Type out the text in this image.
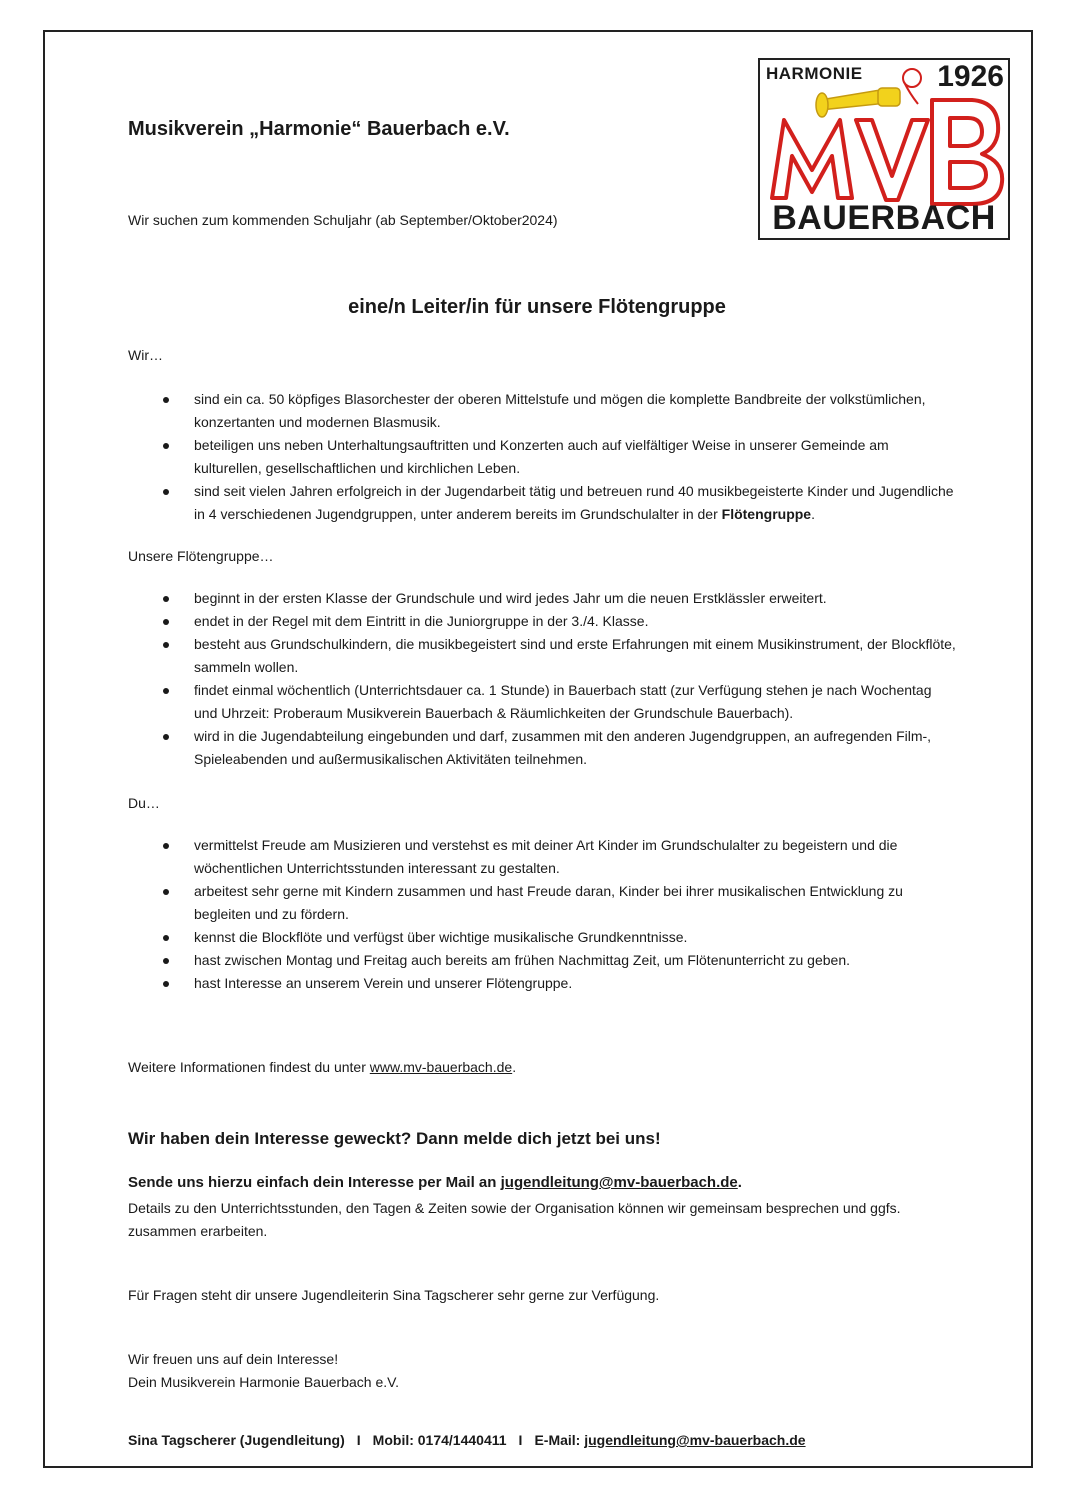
HARMONIE 1926
BAUERBACH
Musikverein „Harmonie“ Bauerbach e.V.
Wir suchen zum kommenden Schuljahr (ab September/Oktober2024)
eine/n Leiter/in für unsere Flötengruppe
Wir…
sind ein ca. 50 köpfiges Blasorchester der oberen Mittelstufe und mögen die komplette Bandbreite der volkstümlichen, konzertanten und modernen Blasmusik.
beteiligen uns neben Unterhaltungsauftritten und Konzerten auch auf vielfältiger Weise in unserer Gemeinde am kulturellen, gesellschaftlichen und kirchlichen Leben.
sind seit vielen Jahren erfolgreich in der Jugendarbeit tätig und betreuen rund 40 musikbegeisterte Kinder und Jugendliche in 4 verschiedenen Jugendgruppen, unter anderem bereits im Grundschulalter in der Flötengruppe.
Unsere Flötengruppe…
beginnt in der ersten Klasse der Grundschule und wird jedes Jahr um die neuen Erstklässler erweitert.
endet in der Regel mit dem Eintritt in die Juniorgruppe in der 3./4. Klasse.
besteht aus Grundschulkindern, die musikbegeistert sind und erste Erfahrungen mit einem Musikinstrument, der Blockflöte, sammeln wollen.
findet einmal wöchentlich (Unterrichtsdauer ca. 1 Stunde) in Bauerbach statt (zur Verfügung stehen je nach Wochentag und Uhrzeit: Proberaum Musikverein Bauerbach & Räumlichkeiten der Grundschule Bauerbach).
wird in die Jugendabteilung eingebunden und darf, zusammen mit den anderen Jugendgruppen, an aufregenden Film-, Spieleabenden und außermusikalischen Aktivitäten teilnehmen.
Du…
vermittelst Freude am Musizieren und verstehst es mit deiner Art Kinder im Grundschulalter zu begeistern und die wöchentlichen Unterrichtsstunden interessant zu gestalten.
arbeitest sehr gerne mit Kindern zusammen und hast Freude daran, Kinder bei ihrer musikalischen Entwicklung zu begleiten und zu fördern.
kennst die Blockflöte und verfügst über wichtige musikalische Grundkenntnisse.
hast zwischen Montag und Freitag auch bereits am frühen Nachmittag Zeit, um Flötenunterricht zu geben.
hast Interesse an unserem Verein und unserer Flötengruppe.
Weitere Informationen findest du unter www.mv-bauerbach.de.
Wir haben dein Interesse geweckt? Dann melde dich jetzt bei uns!
Sende uns hierzu einfach dein Interesse per Mail an jugendleitung@mv-bauerbach.de.
Details zu den Unterrichtsstunden, den Tagen & Zeiten sowie der Organisation können wir gemeinsam besprechen und ggfs. zusammen erarbeiten.
Für Fragen steht dir unsere Jugendleiterin Sina Tagscherer sehr gerne zur Verfügung.
Wir freuen uns auf dein Interesse!
Dein Musikverein Harmonie Bauerbach e.V.
Sina Tagscherer (Jugendleitung) I Mobil: 0174/1440411 I E-Mail: jugendleitung@mv-bauerbach.de
